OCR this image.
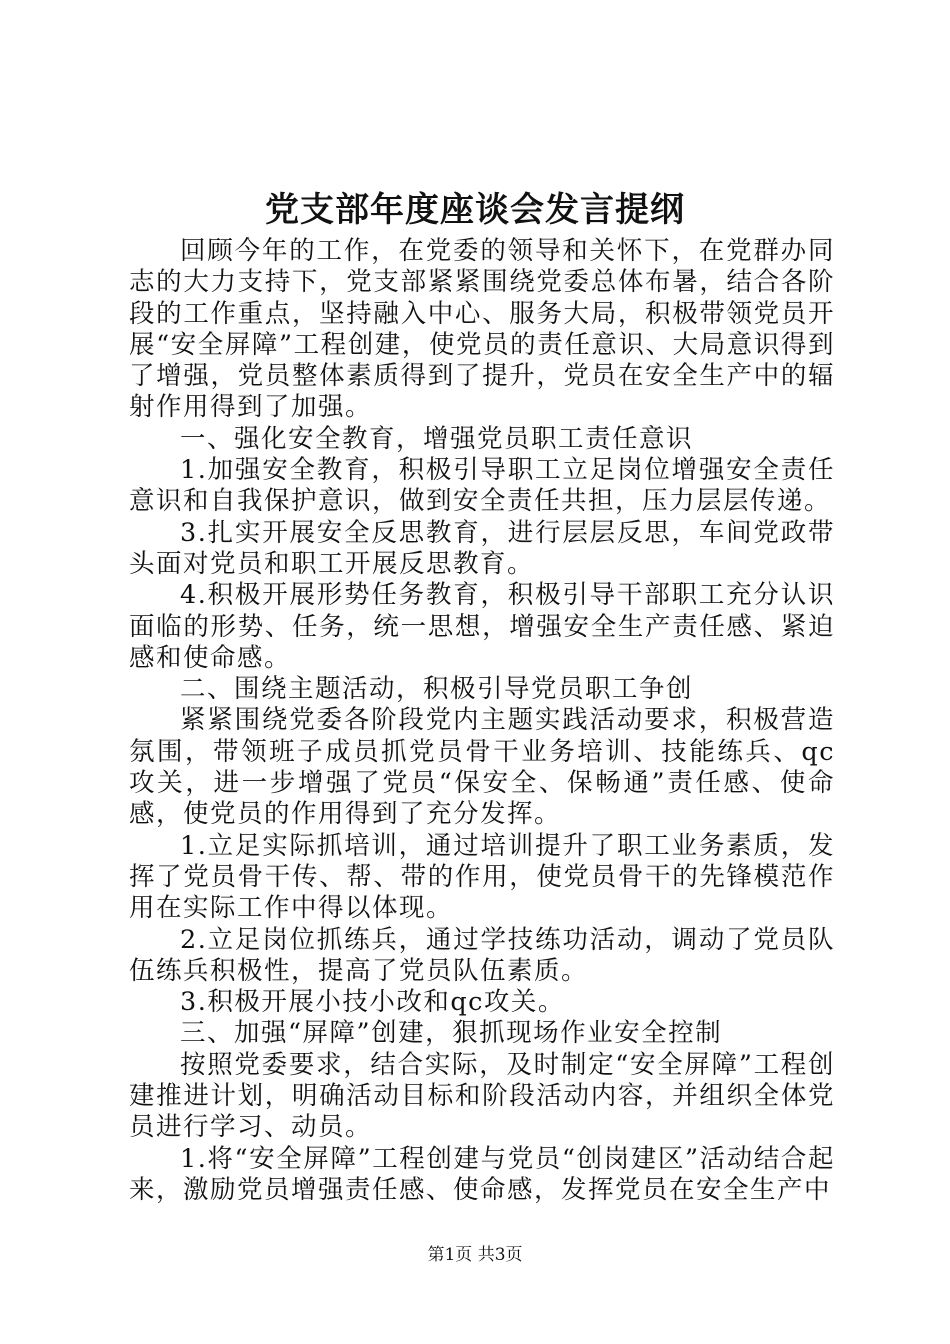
党支部年度座谈会发言提纲

回顾今年的工作，在党委的领导和关怀下，在党群办同志的大力支持下，党支部紧紧围绕党委总体布暑，结合各阶段的工作重点，坚持融入中心、服务大局，积极带领党员开展“安全屏障”工程创建，使党员的责任意识、大局意识得到了增强，党员整体素质得到了提升，党员在安全生产中的辐射作用得到了加强。

一、强化安全教育，增强党员职工责任意识

1.加强安全教育，积极引导职工立足岗位增强安全责任意识和自我保护意识，做到安全责任共担，压力层层传递。

3.扎实开展安全反思教育，进行层层反思，车间党政带头面对党员和职工开展反思教育。

4.积极开展形势任务教育，积极引导干部职工充分认识面临的形势、任务，统一思想，增强安全生产责任感、紧迫感和使命感。

二、围绕主题活动，积极引导党员职工争创

紧紧围绕党委各阶段党内主题实践活动要求，积极营造氛围，带领班子成员抓党员骨干业务培训、技能练兵、qc攻关，进一步增强了党员“保安全、保畅通”责任感、使命感，使党员的作用得到了充分发挥。

1.立足实际抓培训，通过培训提升了职工业务素质，发挥了党员骨干传、帮、带的作用，使党员骨干的先锋模范作用在实际工作中得以体现。

2.立足岗位抓练兵，通过学技练功活动，调动了党员队伍练兵积极性，提高了党员队伍素质。

3.积极开展小技小改和qc攻关。

三、加强“屏障”创建，狠抓现场作业安全控制

按照党委要求，结合实际，及时制定“安全屏障”工程创建推进计划，明确活动目标和阶段活动内容，并组织全体党员进行学习、动员。

1.将“安全屏障”工程创建与党员“创岗建区”活动结合起来，激励党员增强责任感、使命感，发挥党员在安全生产中

第1页 共3页
